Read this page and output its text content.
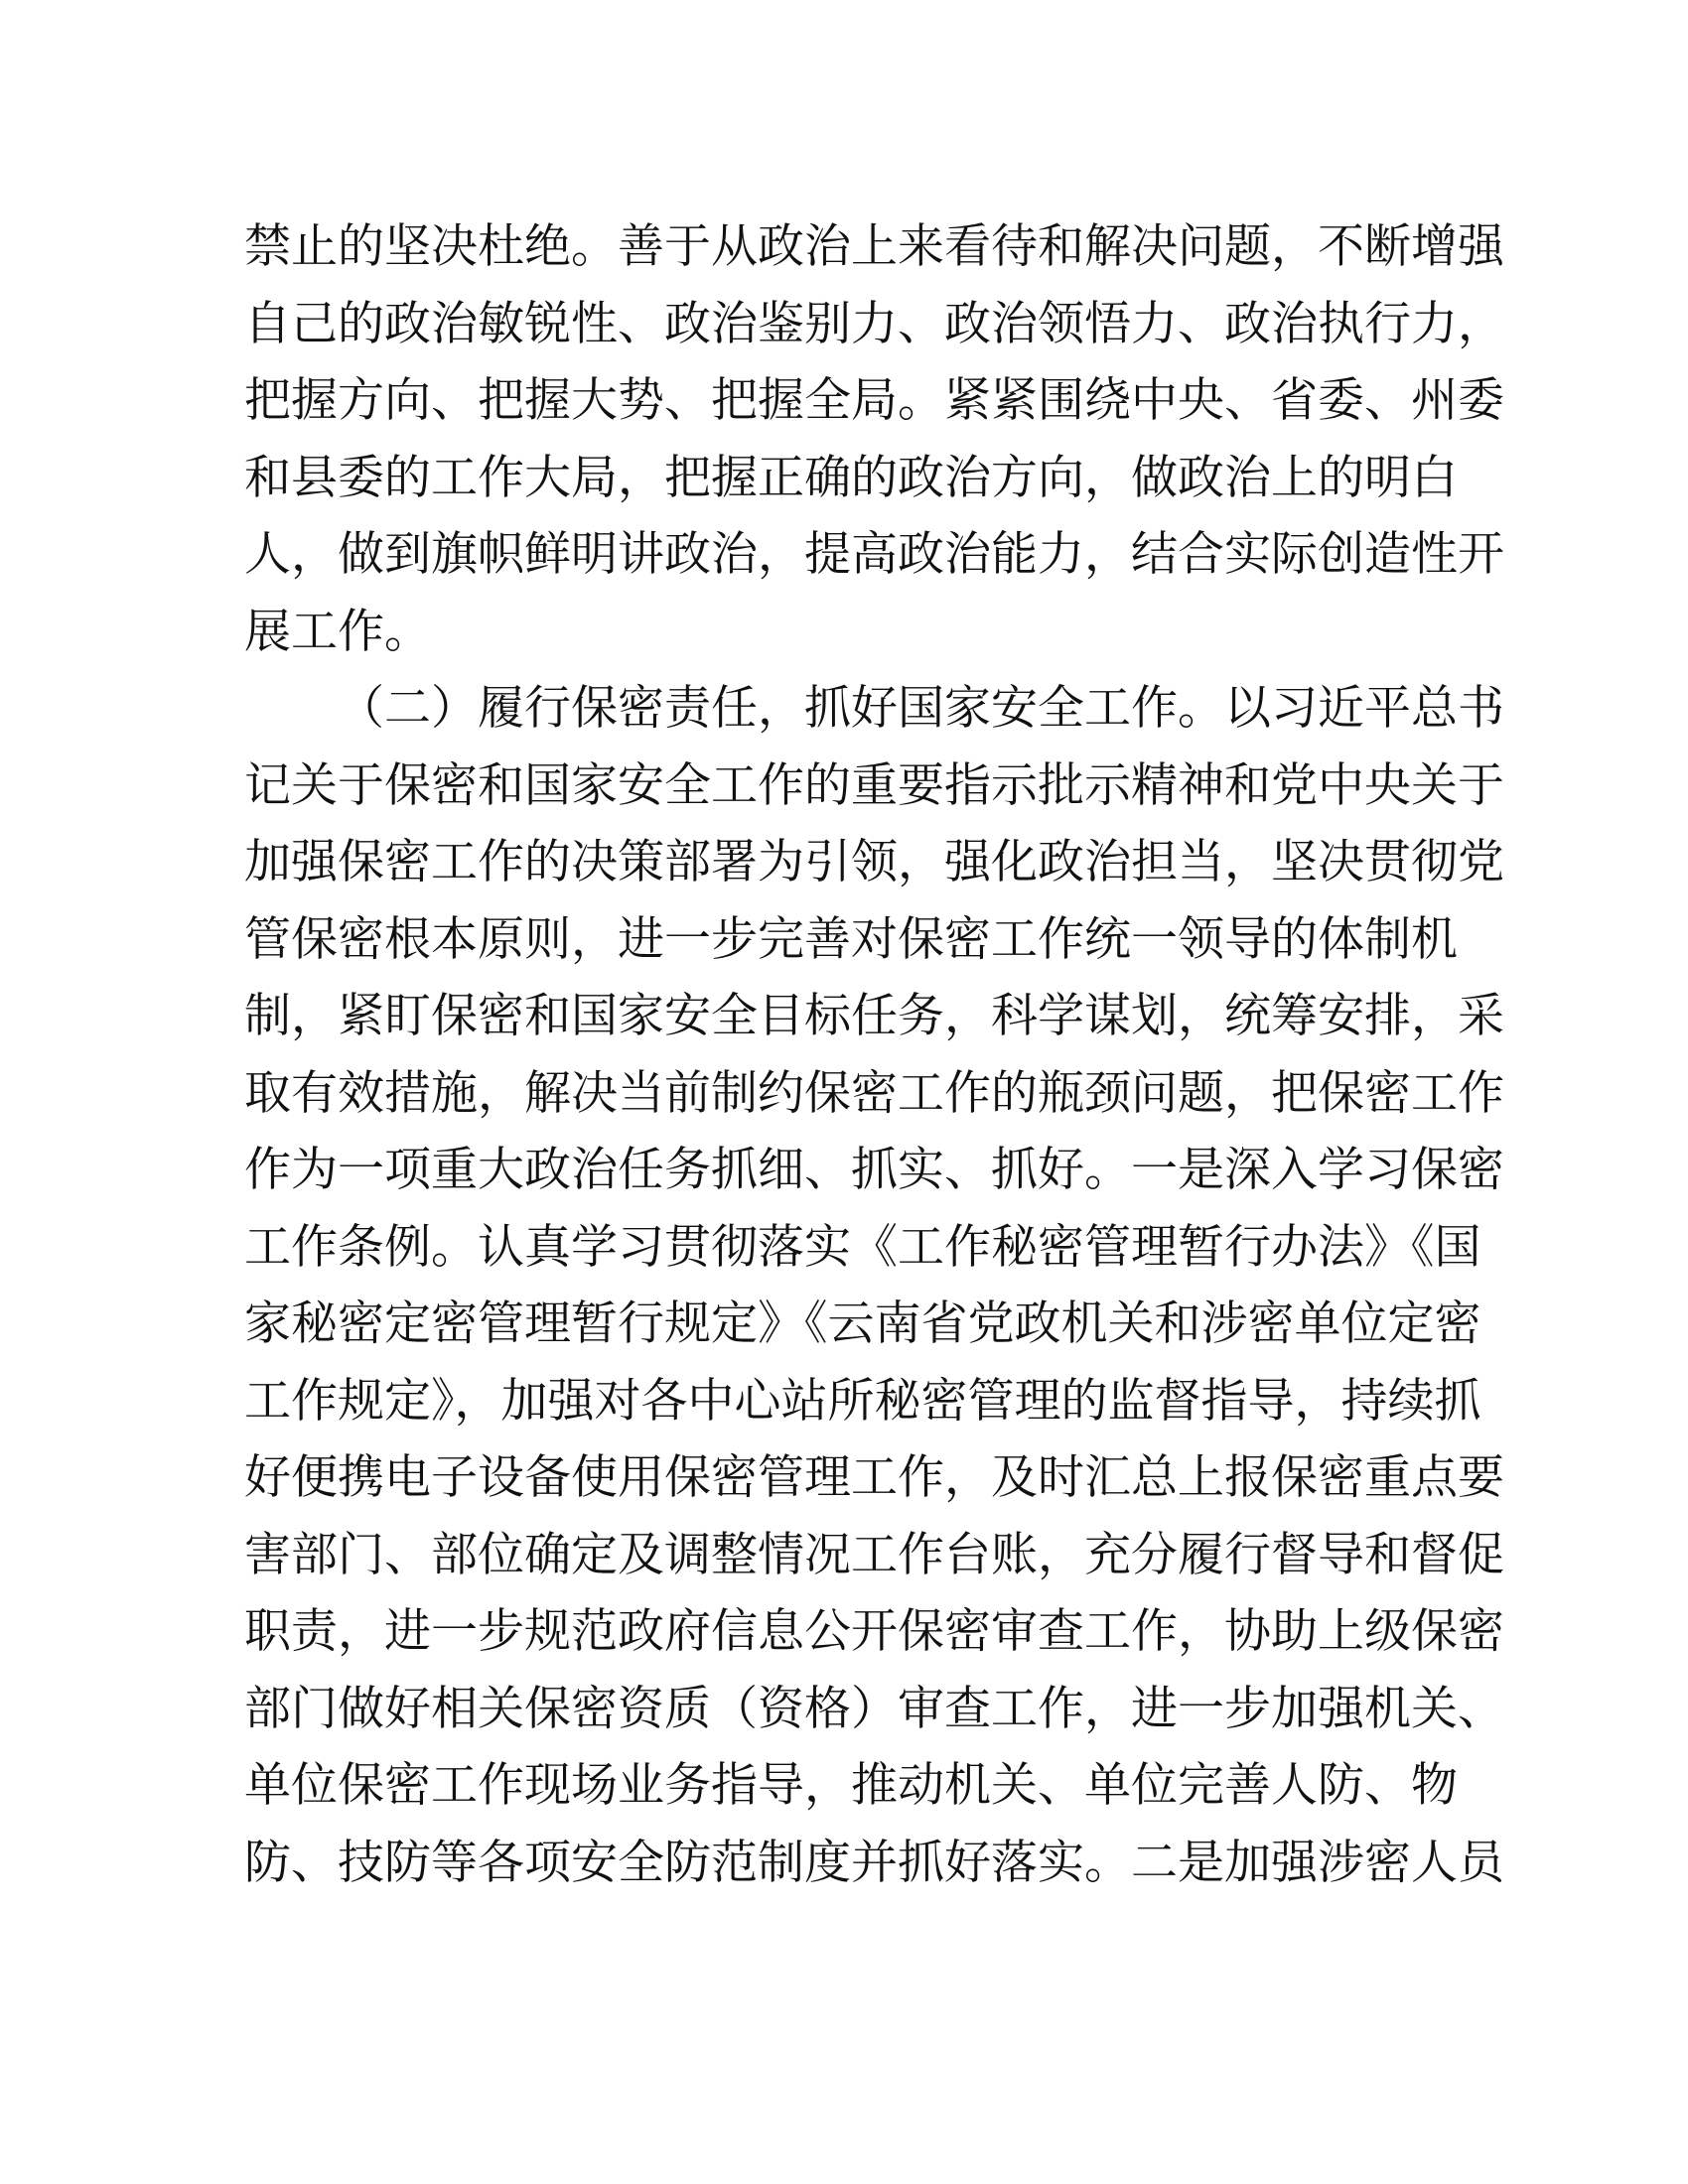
禁止的坚决杜绝。善于从政治上来看待和解决问题，不断增强
自己的政治敏锐性、政治鉴别力、政治领悟力、政治执行力，
把握方向、把握大势、把握全局。紧紧围绕中央、省委、州委
和县委的工作大局，把握正确的政治方向，做政治上的明白
人，做到旗帜鲜明讲政治，提高政治能力，结合实际创造性开
展工作。
（二）履行保密责任，抓好国家安全工作。以习近平总书
记关于保密和国家安全工作的重要指示批示精神和党中央关于
加强保密工作的决策部署为引领，强化政治担当，坚决贯彻党
管保密根本原则，进一步完善对保密工作统一领导的体制机
制，紧盯保密和国家安全目标任务，科学谋划，统筹安排，采
取有效措施，解决当前制约保密工作的瓶颈问题，把保密工作
作为一项重大政治任务抓细、抓实、抓好。一是深入学习保密
工作条例。认真学习贯彻落实《工作秘密管理暂行办法》《国
家秘密定密管理暂行规定》《云南省党政机关和涉密单位定密
工作规定》，加强对各中心站所秘密管理的监督指导，持续抓
好便携电子设备使用保密管理工作，及时汇总上报保密重点要
害部门、部位确定及调整情况工作台账，充分履行督导和督促
职责，进一步规范政府信息公开保密审查工作，协助上级保密
部门做好相关保密资质（资格）审查工作，进一步加强机关、
单位保密工作现场业务指导，推动机关、单位完善人防、物
防、技防等各项安全防范制度并抓好落实。二是加强涉密人员
